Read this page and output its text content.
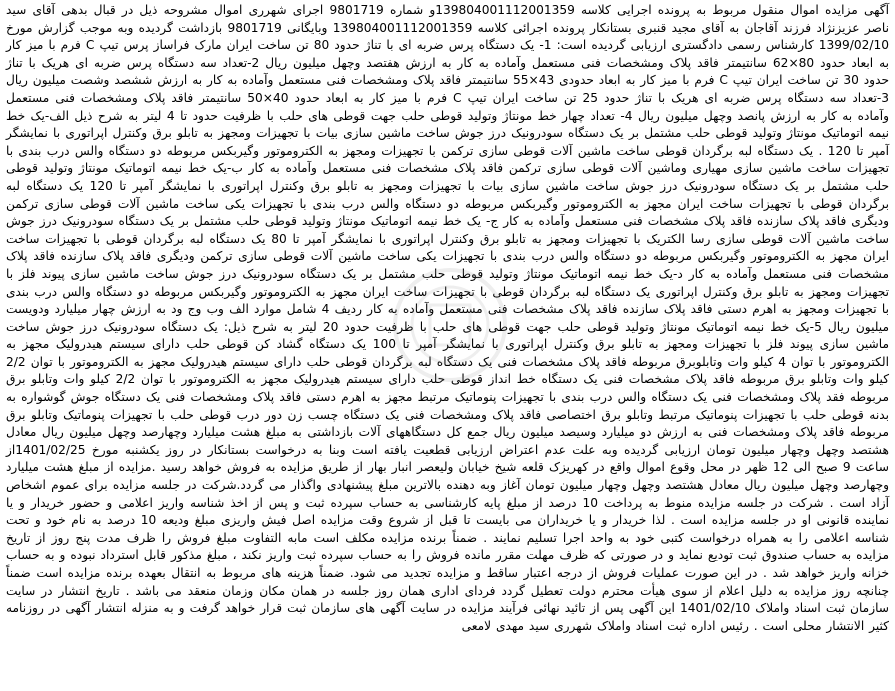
آگهی مزایده اموال منقول مربوط به پرونده اجرایی کلاسه 139804001112001359و شماره 9801719 اجرای شهرری اموال مشروحه ذیل در قبال بدهی آقای سید ناصر عزیزنژاد فرزند آقاجان به آقای مجید قنبری بستانکار پرونده اجرائی کلاسه 139804001112001359 وبایگانی 9801719 بازداشت گردیده وبه موجب گزارش مورخ 1399/02/10 کارشناس رسمی دادگستری ارزیابی گردیده است: 1- یک دستگاه پرس ضربه ای با تناژ حدود 80 تن ساخت ایران مارک فراساز پرس تیپ C فرم با میز کار به ابعاد حدود 80×62 سانتیمتر فاقد پلاک ومشخصات فنی مستعمل وآماده به کار به ارزش هفتصد وچهل میلیون ریال 2-تعداد سه دستگاه پرس ضربه ای هریک با تناژ حدود 30 تن ساخت ایران تیپ C فرم با میز کار به ابعاد حدودی 43×55 سانتیمتر فاقد پلاک ومشخصات فنی مستعمل وآماده به کار به ارزش ششصد وشصت میلیون ریال 3-تعداد سه دستگاه پرس ضربه ای هریک با تناژ حدود 25 تن ساخت ایران تیپ C فرم با میز کار به ابعاد حدود 40×50 سانتیمتر فاقد پلاک ومشخصات فنی مستعمل وآماده به کار به ارزش پانصد وچهل میلیون ریال 4- تعداد چهار خط مونتاژ وتولید قوطی حلب جهت قوطی های حلب با ظرفیت حدود تا 4 لیتر به شرح ذیل الف-یک خط نیمه اتوماتیک مونتاژ وتولید قوطی حلب مشتمل بر یک دستگاه سودرونیک درز جوش ساخت ماشین سازی بیات با تجهیزات ومجهز به تابلو برق وکنترل اپراتوری با نمایشگر آمپر تا 120 . یک دستگاه لبه برگردان قوطی ساخت ماشین آلات قوطی سازی ترکمن با تجهیزات ومجهز به الکتروموتور وگیربکس مربوطه دو دستگاه والس درب بندی با تجهیزات ساخت ماشین سازی مهیاری وماشین آلات قوطی سازی ترکمن فاقد پلاک مشخصات فنی مستعمل وآماده به کار ب-یک خط نیمه اتوماتیک مونتاژ وتولید قوطی حلب مشتمل بر یک دستگاه سودرونیک درز جوش ساخت ماشین سازی بیات با تجهیزات ومجهز به تابلو برق وکنترل اپراتوری با نمایشگر آمپر تا 120 یک دستگاه لبه برگردان قوطی با تجهیزات ساخت ایران مجهز به الکتروموتور وگیربکس مربوطه دو دستگاه والس درب بندی با تجهیزات یکی ساخت ماشین آلات قوطی سازی ترکمن ودیگری فاقد پلاک سازنده فاقد پلاک مشخصات فنی مستعمل وآماده به کار ج- یک خط نیمه اتوماتیک مونتاژ وتولید قوطی حلب مشتمل بر یک دستگاه سودرونیک درز جوش ساخت ماشین آلات قوطی سازی رسا الکتریک با تجهیزات ومجهز به تابلو برق وکنترل اپراتوری با نمایشگر آمپر تا 80 یک دستگاه لبه برگردان قوطی با تجهیزات ساخت ایران مجهز به الکتروموتور وگیربکس مربوطه دو دستگاه والس درب بندی با تجهیزات یکی ساخت ماشین آلات قوطی سازی ترکمن ودیگری فاقد پلاک سازنده فاقد پلاک مشخصات فنی مستعمل وآماده به کار د-یک خط نیمه اتوماتیک مونتاژ وتولید قوطی حلب مشتمل بر یک دستگاه سودرونیک درز جوش ساخت ماشین سازی پیوند فلز با تجهیزات ومجهز به تابلو برق وکنترل اپراتوری یک دستگاه لبه برگردان قوطی با تجهیزات ساخت ایران مجهز به الکتروموتور وگیربکس مربوطه دو دستگاه والس درب بندی با تجهیزات ومجهز به اهرم دستی فاقد پلاک سازنده فاقد پلاک مشخصات فنی مستعمل وآماده به کار ردیف 4 شامل موارد الف وب وج ود به ارزش چهار میلیارد ودویست میلیون ریال 5-یک خط نیمه اتوماتیک مونتاژ وتولید قوطی حلب جهت قوطی های حلب با ظرفیت حدود 20 لیتر به شرح ذیل: یک دستگاه سودرونیک درز جوش ساخت ماشین سازی پیوند فلز با تجهیزات ومجهز به تابلو برق وکنترل اپراتوری با نمایشگر آمپر تا 100 یک دستگاه گشاد کن قوطی حلب دارای سیستم هیدرولیک مجهز به الکتروموتور با توان 4 کیلو وات وتابلوبرق مربوطه فاقد پلاک مشخصات فنی یک دستگاه لبه برگردان قوطی حلب دارای سیستم هیدرولیک مجهز به الکتروموتور با توان 2/2 کیلو وات وتابلو برق مربوطه فاقد پلاک مشخصات فنی یک دستگاه خط انداز قوطی حلب دارای سیستم هیدرولیک مجهز به الکتروموتور با توان 2/2 کیلو وات وتابلو برق مربوطه فقد پلاک ومشخصات فنی یک دستگاه والس درب بندی با تجهیزات پنوماتیک مرتبط مجهز به اهرم دستی فاقد پلاک ومشخصات فنی یک دستگاه جوش گوشواره به بدنه قوطی حلب با تجهیزات پنوماتیک مرتبط وتابلو برق اختصاصی فاقد پلاک ومشخصات فنی یک دستگاه چسب زن دور درب قوطی حلب با تجهیزات پنوماتیک وتابلو برق مربوطه فاقد پلاک ومشخصات فنی به ارزش دو میلیارد وسیصد میلیون ریال جمع کل دستگاههای آلات بازداشتی به مبلغ هشت میلیارد وچهارصد وچهل میلیون ریال معادل هشتصد وچهل وچهار میلیون تومان ارزیابی گردیده وبه علت عدم اعتراض ارزیابی قطعیت یافته است وبنا به درخواست بستانکار در روز یکشنبه مورخ 1401/02/25از ساعت 9 صبح الی 12 ظهر در محل وقوع اموال واقع در کهریزک قلعه شیخ خیابان ولیعصر انبار بهار از طریق مزایده به فروش خواهد رسید .مزایده از مبلغ هشت میلیارد وچهارصد وچهل میلیون ریال معادل هشتصد وچهل وچهار میلیون تومان آغاز وبه دهنده بالاترین مبلغ پیشنهادی واگذار می گردد.شرکت در جلسه مزایده برای عموم اشخاص آزاد است . شرکت در جلسه مزایده منوط به پرداخت 10 درصد از مبلغ پایه کارشناسی به حساب سپرده ثبت و پس از اخذ شناسه واریز اعلامی و حضور خریدار و یا نماینده قانونی او در جلسه مزایده است . لذا خریدار و یا خریداران می بایست تا قبل از شروع وقت مزایده اصل فیش واریزی مبلغ ودیعه 10 درصد به نام خود و تحت شناسه اعلامی را به همراه درخواست کتبی خود به واحد اجرا تسلیم نمایند . ضمناً برنده مزایده مکلف است مابه التفاوت مبلغ فروش را ظرف مدت پنج روز از تاریخ مزایده به حساب صندوق ثبت تودیع نماید و در صورتی که ظرف مهلت مقرر مانده فروش را به حساب سپرده ثبت واریز نکند ، مبلغ مذکور قابل استرداد نبوده و به حساب خزانه واریز خواهد شد . در این صورت عملیات فروش از درجه اعتبار ساقط و مزایده تجدید می شود. ضمناً هزینه های مربوط به انتقال بعهده برنده مزایده است ضمناً چنانچه روز مزایده به دلیل اعلام از سوی هیأت محترم دولت تعطیل گردد فردای اداری همان روز جلسه در همان مکان وزمان منعقد می باشد . تاریخ انتشار در سایت سازمان ثبت اسناد واملاک 1401/02/10 این آگهی پس از تائید نهائی فرآیند مزایده در سایت آگهی های سازمان ثبت قرار خواهد گرفت و به منزله انتشار آگهی در روزنامه کثیر الانتشار محلی است . رئیس اداره ثبت اسناد واملاک شهرری سید مهدی لامعی
